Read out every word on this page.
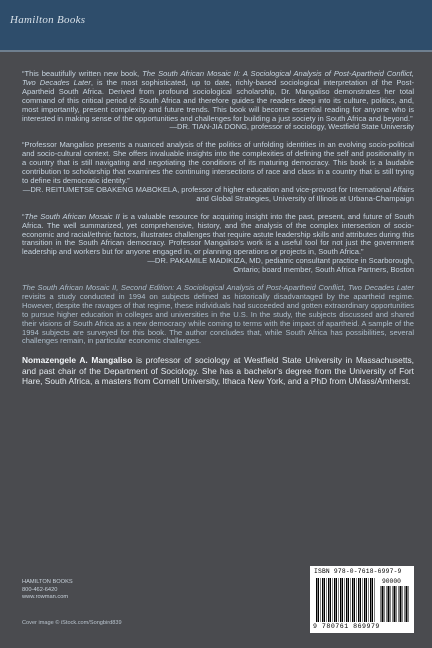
Hamilton Books

“This beautifully written new book, The South African Mosaic II: A Sociological Analysis of Post-Apartheid Conflict, Two Decades Later, is the most sophisticated, up to date, richly-based sociological interpretation of the Post-Apartheid South Africa. Derived from profound sociological scholarship, Dr. Mangaliso demonstrates her total command of this critical period of South Africa and therefore guides the readers deep into its culture, politics, and, most importantly, present complexity and future trends. This book will become essential reading for anyone who is interested in making sense of the opportunities and challenges for building a just society in South Africa and beyond.”

—DR. TIAN-JIA DONG, professor of sociology, Westfield State University

“Professor Mangaliso presents a nuanced analysis of the politics of unfolding identities in an evolving socio-political and socio-cultural context. She offers invaluable insights into the complexities of defining the self and positionality in a country that is still navigating and negotiating the conditions of its maturing democracy. This book is a laudable contribution to scholarship that examines the continuing intersections of race and class in a country that is still trying to define its democratic identity.”

—DR. REITUMETSE OBAKENG MABOKELA, professor of higher education and vice-provost for International Affairs and Global Strategies, University of Illinois at Urbana-Champaign

“The South African Mosaic II is a valuable resource for acquiring insight into the past, present, and future of South Africa. The well summarized, yet comprehensive, history, and the analysis of the complex intersection of socio-economic and racial/ethnic factors, illustrates challenges that require astute leadership skills and attributes during this transition in the South African democracy. Professor Mangaliso’s work is a useful tool for not just the government leadership and workers but for anyone engaged in, or planning operations or projects in, South Africa.”

—DR. PAKAMILE MADIKIZA, MD, pediatric consultant practice in Scarborough,

Ontario; board member, South Africa Partners, Boston

The South African Mosaic II, Second Edition: A Sociological Analysis of Post-Apartheid Conflict, Two Decades Later revisits a study conducted in 1994 on subjects defined as historically disadvantaged by the apartheid regime. However, despite the ravages of that regime, these individuals had succeeded and gotten extraordinary opportunities to pursue higher education in colleges and universities in the U.S. In the study, the subjects discussed and shared their visions of South Africa as a new democracy while coming to terms with the impact of apartheid. A sample of the 1994 subjects are surveyed for this book. The author concludes that, while South Africa has possibilities, several challenges remain, in particular economic challenges.

Nomazengele A. Mangaliso is professor of sociology at Westfield State University in Massachusetts, and past chair of the Department of Sociology. She has a bachelor’s degree from the University of Fort Hare, South Africa, a masters from Cornell University, Ithaca New York, and a PhD from UMass/Amherst.

HAMILTON BOOKS
800-462-6420
www.rowman.com
Cover image © iStock.com/Songbird839
ISBN 978-0-7618-6997-9
90000
9 780761 869979
